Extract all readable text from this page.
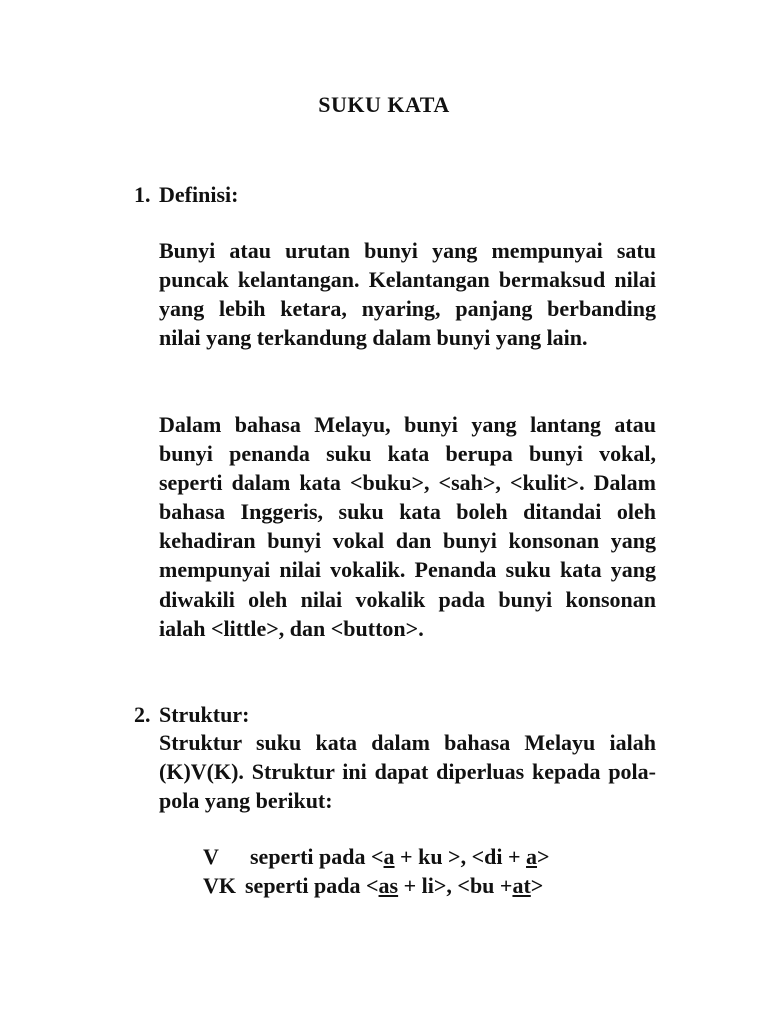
SUKU KATA
1. Definisi:

Bunyi atau urutan bunyi yang mempunyai satu puncak kelantangan. Kelantangan bermaksud nilai yang lebih ketara, nyaring, panjang berbanding nilai yang terkandung dalam bunyi yang lain.

Dalam bahasa Melayu, bunyi yang lantang atau bunyi penanda suku kata berupa bunyi vokal, seperti dalam kata <buku>, <sah>, <kulit>. Dalam bahasa Inggeris, suku kata boleh ditandai oleh kehadiran bunyi vokal dan bunyi konsonan yang mempunyai nilai vokalik. Penanda suku kata yang diwakili oleh nilai vokalik pada bunyi konsonan ialah <little>, dan <button>.

2. Struktur:

Struktur suku kata dalam bahasa Melayu ialah (K)V(K). Struktur ini dapat diperluas kepada pola-pola yang berikut:

V seperti pada <a + ku >, <di + a>
VK seperti pada <as + li>, <bu +at>
